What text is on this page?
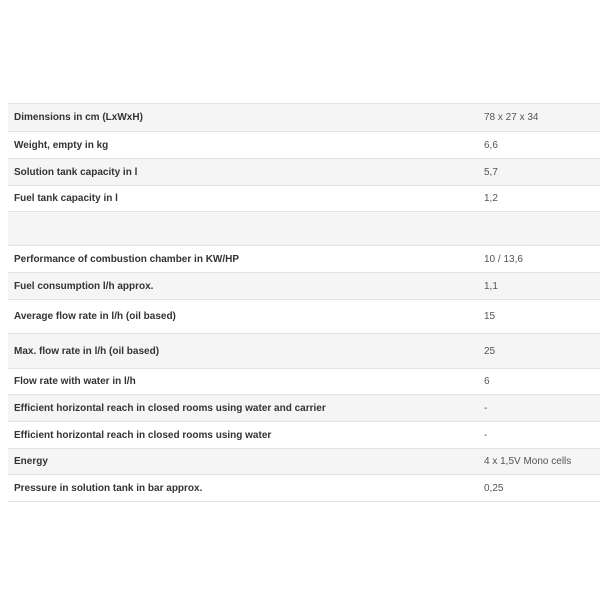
Dimensions in cm (LxWxH)	78 x 27 x 34
Weight, empty in kg	6,6
Solution tank capacity in l	5,7
Fuel tank capacity in l	1,2
Performance of combustion chamber in KW/HP	10 / 13,6
Fuel consumption l/h approx.	1,1
Average flow rate in l/h (oil based)	15
Max. flow rate in l/h (oil based)	25
Flow rate with water in l/h	6
Efficient horizontal reach in closed rooms using water and carrier	-
Efficient horizontal reach in closed rooms using water	-
Energy	4 x 1,5V Mono cells
Pressure in solution tank in bar approx.	0,25
